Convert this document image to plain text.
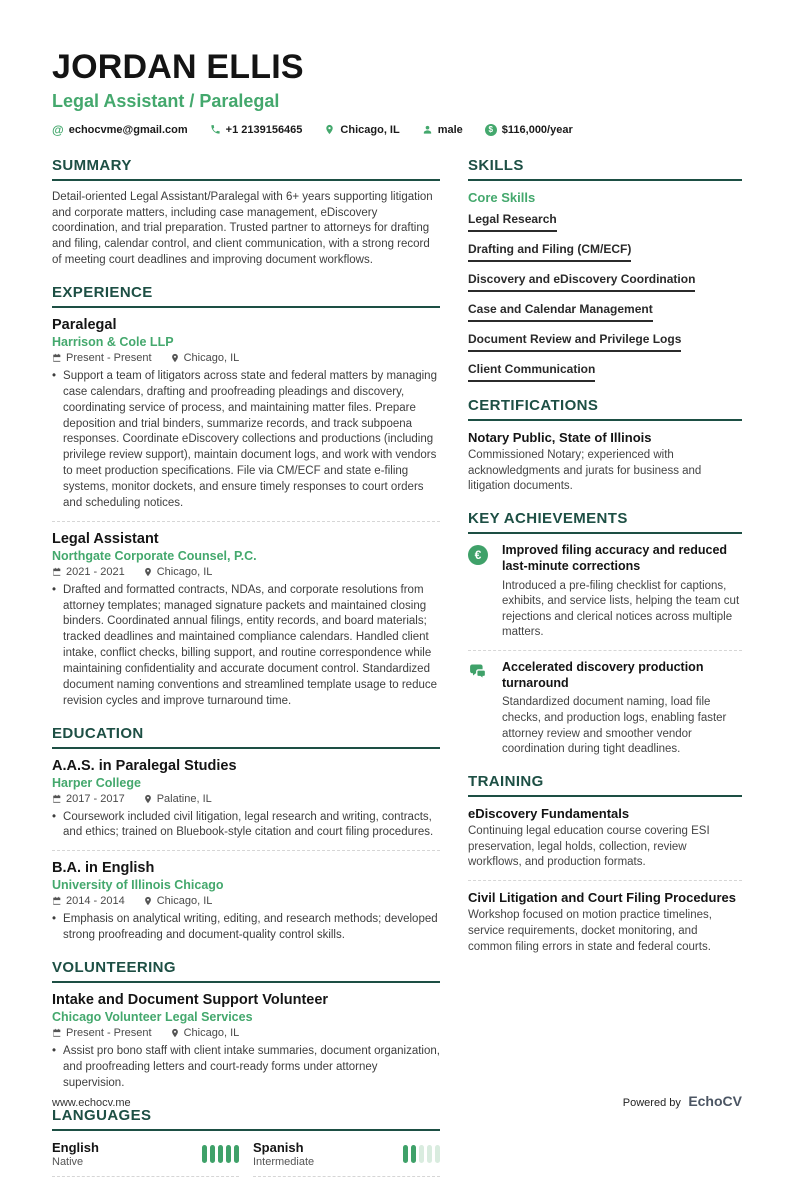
JORDAN ELLIS
Legal Assistant / Paralegal
@ echocvme@gmail.com	+1 2139156465	Chicago, IL	male	$ $116,000/year
SUMMARY

Detail-oriented Legal Assistant/Paralegal with 6+ years supporting litigation and corporate matters, including case management, eDiscovery coordination, and trial preparation. Trusted partner to attorneys for drafting and filing, calendar control, and client communication, with a strong record of meeting court deadlines and improving document workflows.

EXPERIENCE
Paralegal
Harrison & Cole LLP
Present - Present	Chicago, IL
• Support a team of litigators across state and federal matters by managing case calendars, drafting and proofreading pleadings and discovery, coordinating service of process, and maintaining matter files. Prepare deposition and trial binders, summarize records, and track subpoena responses. Coordinate eDiscovery collections and productions (including privilege review support), maintain document logs, and work with vendors to meet production specifications. File via CM/ECF and state e-filing systems, monitor dockets, and ensure timely responses to court orders and scheduling notices.
Legal Assistant
Northgate Corporate Counsel, P.C.
2021 - 2021	Chicago, IL
• Drafted and formatted contracts, NDAs, and corporate resolutions from attorney templates; managed signature packets and maintained closing binders. Coordinated annual filings, entity records, and board materials; tracked deadlines and maintained compliance calendars. Handled client intake, conflict checks, billing support, and routine correspondence while maintaining confidentiality and accurate document control. Standardized document naming conventions and streamlined template usage to reduce revision cycles and improve turnaround time.
EDUCATION
A.A.S. in Paralegal Studies
Harper College
2017 - 2017	Palatine, IL
• Coursework included civil litigation, legal research and writing, contracts, and ethics; trained on Bluebook-style citation and court filing procedures.
B.A. in English
University of Illinois Chicago
2014 - 2014	Chicago, IL
• Emphasis on analytical writing, editing, and research methods; developed strong proofreading and document-quality control skills.
VOLUNTEERING
Intake and Document Support Volunteer
Chicago Volunteer Legal Services
Present - Present	Chicago, IL
• Assist pro bono staff with client intake summaries, document organization, and proofreading letters and court-ready forms under attorney supervision.
LANGUAGES
English
Native
Spanish
Intermediate
SKILLS
Core Skills
Legal Research
Drafting and Filing (CM/ECF)
Discovery and eDiscovery Coordination
Case and Calendar Management
Document Review and Privilege Logs
Client Communication
CERTIFICATIONS
Notary Public, State of Illinois
Commissioned Notary; experienced with acknowledgments and jurats for business and litigation documents.
KEY ACHIEVEMENTS
€	Improved filing accuracy and reduced last-minute corrections
Introduced a pre-filing checklist for captions, exhibits, and service lists, helping the team cut rejections and clerical notices across multiple matters.
Accelerated discovery production turnaround
Standardized document naming, load file checks, and production logs, enabling faster attorney review and smoother vendor coordination during tight deadlines.
TRAINING
eDiscovery Fundamentals
Continuing legal education course covering ESI preservation, legal holds, collection, review workflows, and production formats.
Civil Litigation and Court Filing Procedures
Workshop focused on motion practice timelines, service requirements, docket monitoring, and common filing errors in state and federal courts.
www.echocv.me	Powered by EchoCV
